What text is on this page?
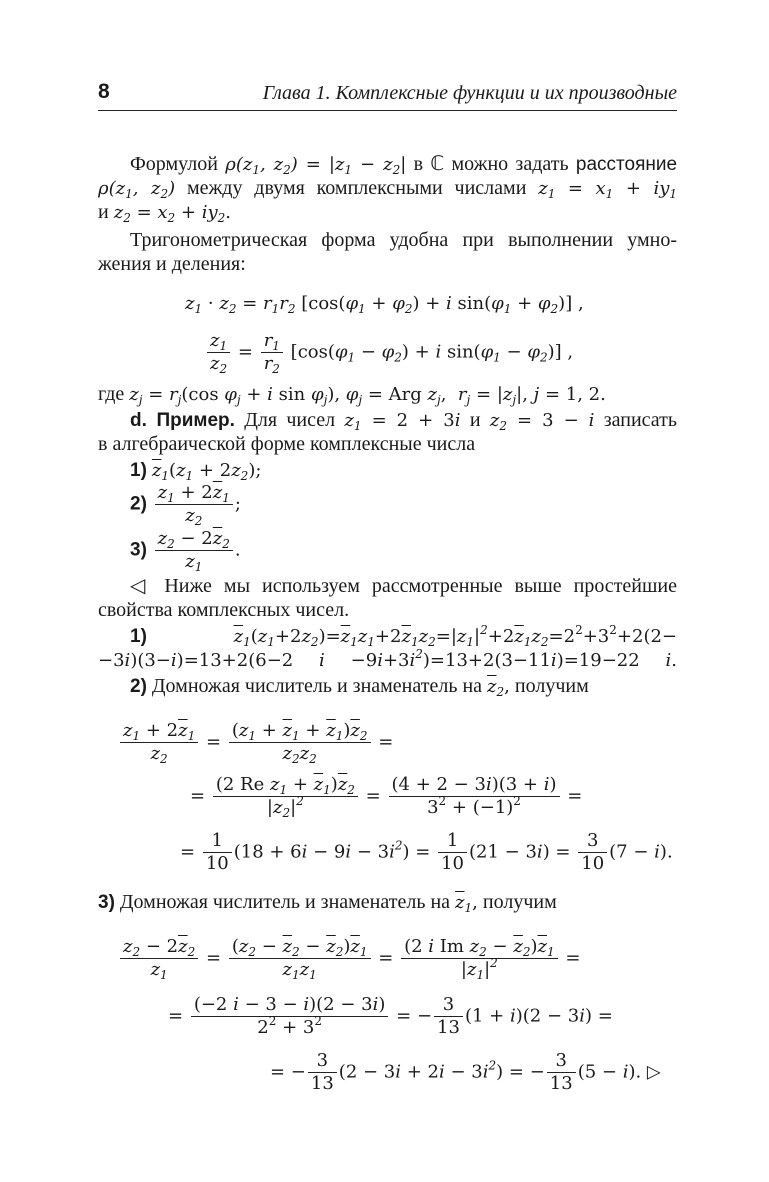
8	Глава 1. Комплексные функции и их производные
Формулой $\rho(z_1$, $z_2) = |z_1 - z_2|$ в ℂ можно задать расстояние
$\rho(z_1$, $z_2$) между двумя комплексными числами $z_1 = x_1 + iy_1$
и $z_2 = x_2 + iy_2$.
Тригонометрическая форма удобна при выполнении умно-
жения и деления:
$z_1 \cdot z_2 = r_1r_2$ [$\cos(\varphi_1 + \varphi_2) + i$ $\sin(\varphi_1 + \varphi_2)$] ,
$\frac{z_1}{z_2} = \frac{r_1}{r_2} [\cos(\varphi_1 - \varphi_2) + i$ $\sin(\varphi_1 - \varphi_2)$] ,
где $z_j = r_j(\cos$ $\varphi_j + i$ $\sin \varphi_j$), $\varphi_j$ = Arg $z_j$,  $r_j = |z_j|$, j = 1, 2.
d. Пример. Для чисел $z_1 = 2 + 3i$ и $z_2 = 3 - i$ записать
в алгебраической форме комплексные числа
1) $\overline{z}_1(z_1 + 2z_2)$;
$2) \frac{z_1 + 2\overline{z}_1}{z_2}$ ;
$3) \frac{z_2 - 2\overline{z}_2}{z_1}$ .
◁ Ниже мы используем рассмотренные выше простейшие
свойства комплексных чисел.
1)	$\overline{z}_1(z_1+2z_2)=\overline{z}_1z_1+2\overline{z}_1z_2=|z_1|^2+2\overline{z}_1z_2=2^2+3^2+2(2-$
−3i)(3−i)=13+2(6−2 $i -9i+3i^2)=13+2(3-11i)=19-22$ i.
2) Домножая числитель и знаменатель на $\overline{z}_2$, получим
$\frac{z_1 + 2\overline{z}_1}{z_2} = \frac{(z_1 + \overline{z}_1 + \overline{z}_1)\overline{z}_2}{z_2\overline{z}_2}$ =
= $\frac{(2 Re z_1 + \overline{z}_1)\overline{z}_2}{|z_2|^2} = \frac{(4 + 2 - 3i)(3 + i)}{3^2 + (-1)^2}$ =
= $\frac{1}{10} (18 + 6i - 9i - 3i^2) = \frac{1}{10} (21 - 3i) = \frac{3}{10} (7 - i)$.
3) Домножая числитель и знаменатель на $\overline{z}_1$, получим
$\frac{z_2 - 2\overline{z}_2}{z_1} = \frac{(z_2 - \overline{z}_2 - \overline{z}_2)\overline{z}_1}{z_1\overline{z}_1} = \frac{(2 i Im z_2 - \overline{z}_2)\overline{z}_1}{|z_1|^2}$ =
= $\frac{(-2 i - 3 - i)(2 - 3i)}{2^2 + 3^2}$ = − $\frac{3}{13} (1 + i)(2 - 3i)$ =
= − $\frac{3}{13} (2 - 3i + 2i - 3i^2)$ = − $\frac{3}{13} (5 - i)$. ▷
